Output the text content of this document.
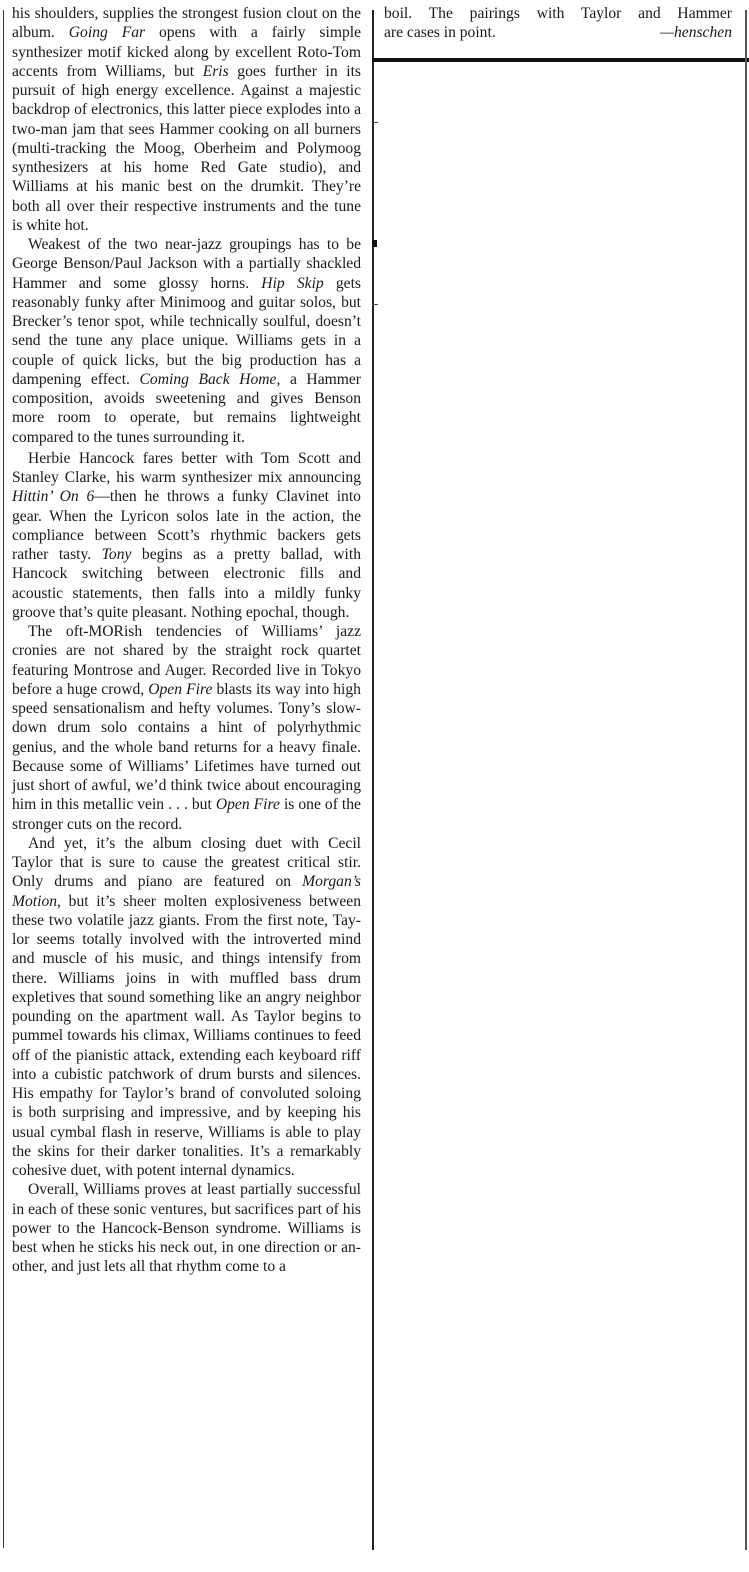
his shoulders, supplies the strongest fusion clout on the album. Going Far opens with a fairly simple synthesizer motif kicked along by excellent Roto-Tom accents from Williams, but Eris goes further in its pursuit of high energy excellence. Against a majestic backdrop of electronics, this latter piece explodes into a two-man jam that sees Hammer cooking on all burners (multi-tracking the Moog, Oberheim and Polymoog synthesizers at his home Red Gate studio), and Williams at his manic best on the drumkit. They’re both all over their respective instruments and the tune is white hot.

Weakest of the two near-jazz groupings has to be George Benson/Paul Jackson with a partially shackled Hammer and some glossy horns. Hip Skip gets reasonably funky after Minimoog and guitar solos, but Brecker’s tenor spot, while technically soulful, doesn’t send the tune any place unique. Williams gets in a couple of quick licks, but the big production has a dampening effect. Coming Back Home, a Hammer composition, avoids sweetening and gives Benson more room to operate, but remains lightweight compared to the tunes surrounding it.

Herbie Hancock fares better with Tom Scott and Stanley Clarke, his warm synthesizer mix announcing Hittin’ On 6—then he throws a funky Clavinet into gear. When the Lyricon solos late in the action, the compliance between Scott’s rhythmic backers gets rather tasty. Tony begins as a pretty ballad, with Hancock switching between electronic fills and acoustic statements, then falls into a mildly funky groove that’s quite pleasant. Nothing epochal, though.

The oft-MORish tendencies of Williams’ jazz cronies are not shared by the straight rock quartet featuring Montrose and Auger. Recorded live in Tokyo before a huge crowd, Open Fire blasts its way into high speed sensationalism and hefty volumes. Tony’s slowdown drum solo contains a hint of polyrhythmic genius, and the whole band returns for a heavy finale. Because some of Williams’ Lifetimes have turned out just short of awful, we’d think twice about encouraging him in this metallic vein . . . but Open Fire is one of the stronger cuts on the record.

And yet, it’s the album closing duet with Cecil Taylor that is sure to cause the greatest critical stir. Only drums and piano are featured on Morgan’s Motion, but it’s sheer molten explosiveness between these two volatile jazz giants. From the first note, Taylor seems totally involved with the introverted mind and muscle of his music, and things intensify from there. Williams joins in with muffled bass drum expletives that sound something like an angry neighbor pounding on the apartment wall. As Taylor begins to pummel towards his climax, Williams continues to feed off of the pianistic attack, extending each keyboard riff into a cubistic patchwork of drum bursts and silences. His empathy for Taylor’s brand of convoluted soloing is both surprising and impressive, and by keeping his usual cymbal flash in reserve, Williams is able to play the skins for their darker tonalities. It’s a remarkably cohesive duet, with potent internal dynamics.

Overall, Williams proves at least partially successful in each of these sonic ventures, but sacrifices part of his power to the Hancock-Benson syndrome. Williams is best when he sticks his neck out, in one direction or another, and just lets all that rhythm come to a

boil. The pairings with Taylor and Hammer

are cases in point.	—henschen
